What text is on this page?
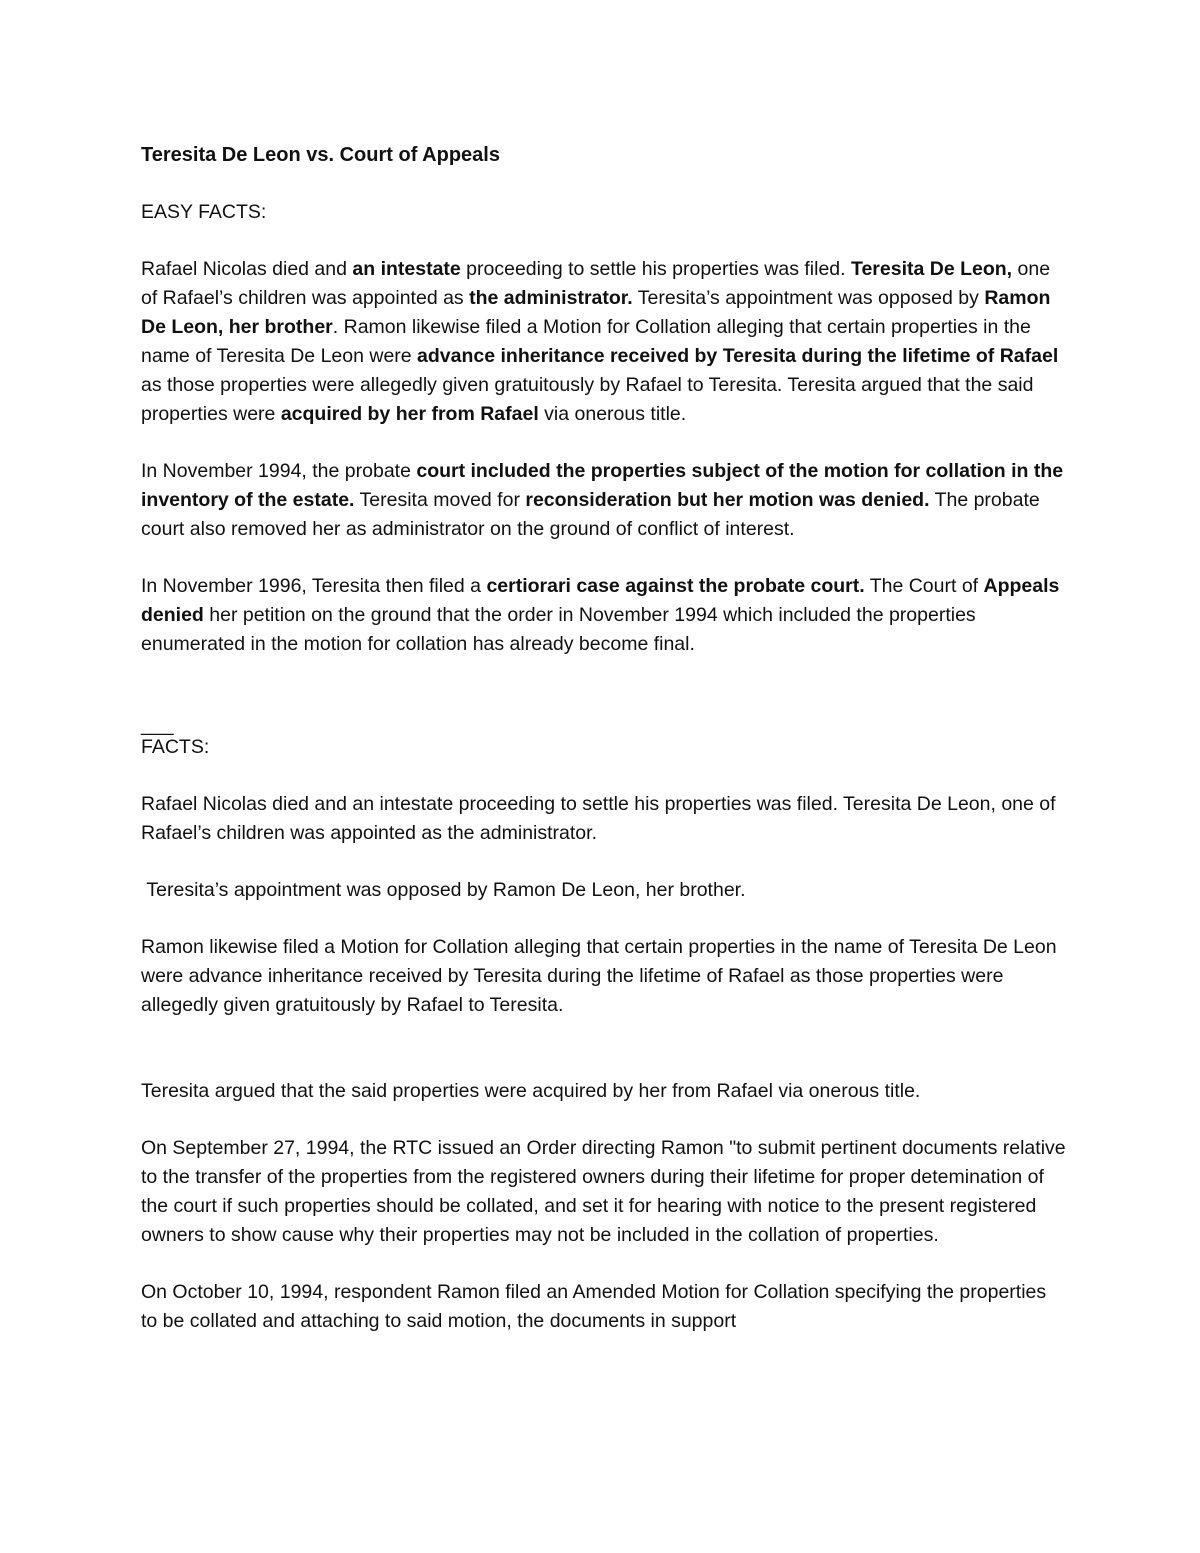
Teresita De Leon vs. Court of Appeals

EASY FACTS:

Rafael Nicolas died and an intestate proceeding to settle his properties was filed. Teresita De Leon, one of Rafael’s children was appointed as the administrator. Teresita’s appointment was opposed by Ramon De Leon, her brother. Ramon likewise filed a Motion for Collation alleging that certain properties in the name of Teresita De Leon were advance inheritance received by Teresita during the lifetime of Rafael as those properties were allegedly given gratuitously by Rafael to Teresita. Teresita argued that the said properties were acquired by her from Rafael via onerous title.

In November 1994, the probate court included the properties subject of the motion for collation in the inventory of the estate. Teresita moved for reconsideration but her motion was denied. The probate court also removed her as administrator on the ground of conflict of interest.

In November 1996, Teresita then filed a certiorari case against the probate court. The Court of Appeals denied her petition on the ground that the order in November 1994 which included the properties enumerated in the motion for collation has already become final.

___

FACTS:

Rafael Nicolas died and an intestate proceeding to settle his properties was filed. Teresita De Leon, one of Rafael’s children was appointed as the administrator.

Teresita’s appointment was opposed by Ramon De Leon, her brother.

Ramon likewise filed a Motion for Collation alleging that certain properties in the name of Teresita De Leon were advance inheritance received by Teresita during the lifetime of Rafael as those properties were allegedly given gratuitously by Rafael to Teresita.

Teresita argued that the said properties were acquired by her from Rafael via onerous title.

On September 27, 1994, the RTC issued an Order directing Ramon "to submit pertinent documents relative to the transfer of the properties from the registered owners during their lifetime for proper detemination of the court if such properties should be collated, and set it for hearing with notice to the present registered owners to show cause why their properties may not be included in the collation of properties.

On October 10, 1994, respondent Ramon filed an Amended Motion for Collation specifying the properties to be collated and attaching to said motion, the documents in support
